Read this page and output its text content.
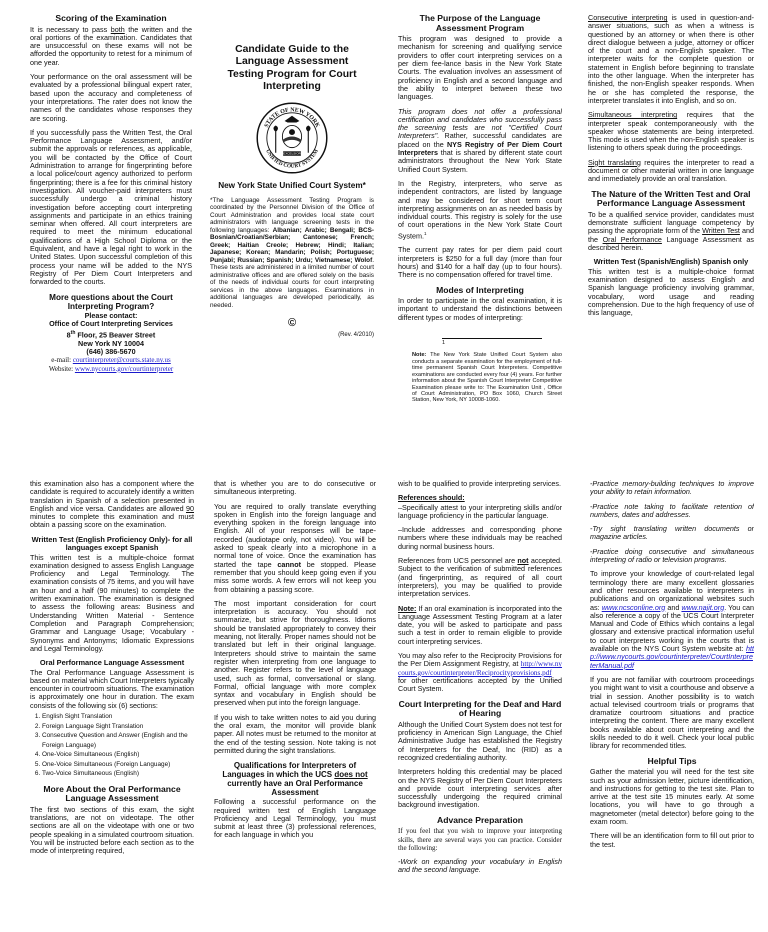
Scoring of the Examination

It is necessary to pass both the written and the oral portions of the examination. Candidates that are unsuccessful on these exams will not be afforded the opportunity to retest for a minimum of one year.

Your performance on the oral assessment will be evaluated by a professional bilingual expert rater, based upon the accuracy and completeness of your interpretations. The rater does not know the names of the candidates whose responses they are scoring.

If you successfully pass the Written Test, the Oral Performance Language Assessment, and/or submit the approvals or references, as applicable, you will be contacted by the Office of Court Administration to arrange for fingerprinting before a local police/court agency authorized to perform fingerprinting; there is a fee for this criminal history investigation. All voucher-paid interpreters must successfully undergo a criminal history investigation before accepting court interpreting assignments and participate in an ethics training seminar when offered. All court interpreters are required to meet the minimum educational qualifications of a High School Diploma or the Equivalent, and have a legal right to work in the United States. Upon successful completion of this process your name will be added to the NYS Registry of Per Diem Court Interpreters and forwarded to the courts.

More questions about the Court Interpreting Program?
Please contact:
Office of Court Interpreting Services
8th Floor, 25 Beaver Street
New York NY 10004
(646) 386-5670
e-mail: courtinterpreter@courts.state.ny.us
Website: www.nycourts.gov/courtinterpreter
Candidate Guide to the Language Assessment Testing Program for Court Interpreting
STATE OF NEW YORK
UNIFIED COURT SYSTEM
EXCELSIOR
New York State Unified Court System*

*The Language Assessment Testing Program is coordinated by the Personnel Division of the Office of Court Administration and provides local state court administrators with language screening tests in the following languages: Albanian; Arabic; Bengali; BCS-Bosnian/Croatian/Serbian; Cantonese; French; Greek; Haitian Creole; Hebrew; Hindi; Italian; Japanese; Korean; Mandarin; Polish; Portuguese; Punjabi; Russian; Spanish; Urdu; Vietnamese; Wolof. These tests are administered in a limited number of court administrative offices and are offered solely on the basis of the needs of individual courts for court interpreting services in the above languages. Examinations in additional languages are developed periodically, as needed.

©
(Rev. 4/2010)
The Purpose of the Language Assessment Program

This program was designed to provide a mechanism for screening and qualifying service providers to offer court interpreting services on a per diem fee-lance basis in the New York State Courts. The evaluation involves an assessment of proficiency in English and a second language and the ability to interpret between these two languages.

This program does not offer a professional certification and candidates who successfully pass the screening tests are not "Certified Court Interpreters". Rather, successful candidates are placed on the NYS Registry of Per Diem Court Interpreters that is shared by different state court administrators throughout the New York State Unified Court System.

In the Registry, interpreters, who serve as independent contractors, are listed by language and may be considered for short term court interpreting assignments on an as needed basis by individual courts. This registry is solely for the use of court operations in the New York State Court System.$^1$

The current pay rates for per diem paid court interpreters is $250 for a full day (more than four hours) and $140 for a half day (up to four hours). There is no compensation offered for travel time.

Modes of Interpreting

In order to participate in the oral examination, it is important to understand the distinctions between different types or modes of interpreting:

1

Note: The New York State Unified Court System also conducts a separate examination for the employment of full-time permanent Spanish Court Interpreters. Competitive examinations are conducted every four (4) years. For further information about the Spanish Court Interpreter Competitive Examination please write to: The Examination Unit , Office of Court Administration, PO Box 1060, Church Street Station, New York, NY 10008-1060.

Consecutive interpreting is used in question-and-answer situations, such as when a witness is questioned by an attorney or when there is other direct dialogue between a judge, attorney or officer of the court and a non-English speaker. The interpreter waits for the complete question or statement in English before beginning to translate into the other language. When the interpreter has finished, the non-English speaker responds. When he or she has completed the response, the interpreter translates it into English, and so on.

Simultaneous interpreting requires that the interpreter speak contemporaneously with the speaker whose statements are being interpreted. This mode is used when the non-English speaker is listening to others speak during the proceedings.

Sight translating requires the interpreter to read a document or other material written in one language and immediately provide an oral translation.

The Nature of the Written Test and Oral Performance Language Assessment

To be a qualified service provider, candidates must demonstrate sufficient language competency by passing the appropriate form of the Written Test and the Oral Performance Language Assessment as described herein.

Written Test (Spanish/English) Spanish only

This written test is a multiple-choice format examination designed to assess English and Spanish language proficiency involving grammar, vocabulary, word usage and reading comprehension. Due to the high frequency of use of this language,

this examination also has a component where the candidate is required to accurately identify a written translation in Spanish of a selection presented in English and vice versa. Candidates are allowed 90 minutes to complete this examination and must obtain a passing score on the examination.

Written Test (English Proficiency Only)- for all languages except Spanish

This written test is a multiple-choice format examination designed to assess English Language Proficiency and Legal Terminology. The examination consists of 75 items, and you will have an hour and a half (90 minutes) to complete the written examination. The examination is designed to assess the following areas: Business and Understanding Written Material - Sentence Completion and Paragraph Comprehension; Grammar and Language Usage; Vocabulary - Synonyms and Antonyms; Idiomatic Expressions and Legal Terminology.

Oral Performance Language Assessment

The Oral Performance Language Assessment is based on material which Court Interpreters typically encounter in courtroom situations. The examination is approximately one hour in duration. The exam consists of the following six (6) sections:

1. English Sight Translation
2. Foreign Language Sight Translation
3. Consecutive Question and Answer (English and the Foreign Language)
4. One-Voice Simultaneous (English)
5. One-Voice Simultaneous (Foreign Language)
6. Two-Voice Simultaneous (English)
More About the Oral Performance Language Assessment

The first two sections of this exam, the sight translations, are not on videotape. The other sections are all on the videotape with one or two people speaking in a simulated courtroom situation. You will be instructed before each section as to the mode of interpreting required,

that is whether you are to do consecutive or simultaneous interpreting.

You are required to orally translate everything spoken in English into the foreign language and everything spoken in the foreign language into English. All of your responses will be tape-recorded (audiotape only, not video). You will be asked to speak clearly into a microphone in a normal tone of voice. Once the examination has started the tape cannot be stopped. Please remember that you should keep going even if you miss some words. A few errors will not keep you from obtaining a passing score.

The most important consideration for court interpretation is accuracy. You should not summarize, but strive for thoroughness. Idioms should be translated appropriately to convey their meaning, not literally. Proper names should not be translated but left in their original language. Interpreters should strive to maintain the same register when interpreting from one language to another. Register refers to the level of language used, such as formal, conversational or slang. Formal, official language with more complex syntax and vocabulary in English should be preserved when put into the foreign language.

If you wish to take written notes to aid you during the oral exam, the monitor will provide blank paper. All notes must be returned to the monitor at the end of the testing session. Note taking is not permitted during the sight translations.

Qualifications for Interpreters of Languages in which the UCS does not currently have an Oral Performance Assessment

Following a successful performance on the required written test of English Language Proficiency and Legal Terminology, you must submit at least three (3) professional references, for each language in which you

wish to be qualified to provide interpreting services.

References should:

–Specifically attest to your interpreting skills and/or language proficiency in the particular language.

–Include addresses and corresponding phone numbers where these individuals may be reached during normal business hours.

References from UCS personnel are not accepted. Subject to the verification of submitted references (and fingerprinting, as required of all court interpreters), you may be qualified to provide interpretation services.

Note: If an oral examination is incorporated into the Language Assessment Testing Program at a later date, you will be asked to participate and pass such a test in order to remain eligible to provide court interpreting services.

You may also refer to the Reciprocity Provisions for the Per Diem Assignment Registry, at http://www.nycourts.gov/courtinterpreter/Reciprocityprovisions.pdf for other certifications accepted by the Unified Court System.

Court Interpreting for the Deaf and Hard of Hearing

Although the Unified Court System does not test for proficiency in American Sign Language, the Chief Administrative Judge has established the Registry of Interpreters for the Deaf, Inc (RID) as a recognized credentialing authority.

Interpreters holding this credential may be placed on the NYS Registry of Per Diem Court Interpreters and provide court interpreting services after successfully undergoing the required criminal background investigation.

Advance Preparation

If you feel that you wish to improve your interpreting skills, there are several ways you can practice. Consider the following:

-Work on expanding your vocabulary in English and the second language.

-Practice memory-building techniques to improve your ability to retain information.

-Practice note taking to facilitate retention of numbers, dates and addresses.

-Try sight translating written documents or magazine articles.

-Practice doing consecutive and simultaneous interpreting of radio or television programs.

To improve your knowledge of court-related legal terminology there are many excellent glossaries and other resources available to interpreters in publications and on organizational websites such as: www.ncsconline.org and www.najit.org. You can also reference a copy of the UCS Court Interpreter Manual and Code of Ethics which contains a legal glossary and extensive practical information useful to court interpreters working in the courts that is available on the NYS Court System website at: http://www.nycourts.gov/courtinterpreter/CourtInterpreterManual.pdf

If you are not familiar with courtroom proceedings you might want to visit a courthouse and observe a trial in session. Another possibility is to watch actual televised courtroom trials or programs that dramatize courtroom situations and practice interpreting the content. There are many excellent books available about court interpreting and the skills needed to do it well. Check your local public library for recommended titles.

Helpful Tips

Gather the material you will need for the test site such as your admission letter, picture identification, and instructions for getting to the test site. Plan to arrive at the test site 15 minutes early. At some locations, you will have to go through a magnetometer (metal detector) before going to the exam room.

There will be an identification form to fill out prior to the test.
